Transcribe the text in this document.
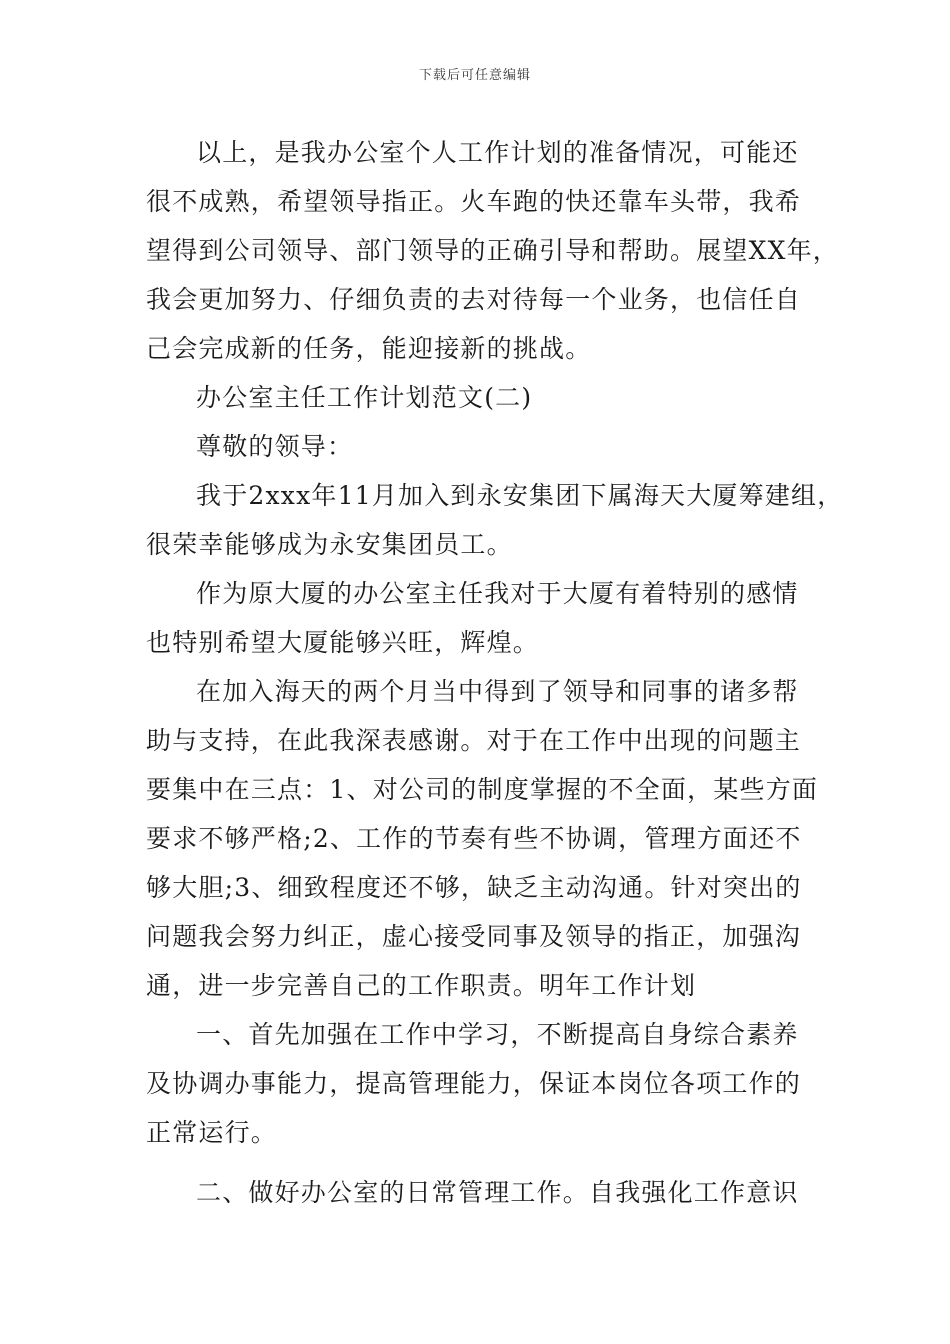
下载后可任意编辑
以上，是我办公室个人工作计划的准备情况，可能还
很不成熟，希望领导指正。火车跑的快还靠车头带，我希
望得到公司领导、部门领导的正确引导和帮助。展望XX年，
我会更加努力、仔细负责的去对待每一个业务，也信任自
己会完成新的任务，能迎接新的挑战。
办公室主任工作计划范文(二)
尊敬的领导：
我于2xxx年11月加入到永安集团下属海天大厦筹建组，
很荣幸能够成为永安集团员工。
作为原大厦的办公室主任我对于大厦有着特别的感情
也特别希望大厦能够兴旺，辉煌。
在加入海天的两个月当中得到了领导和同事的诸多帮
助与支持，在此我深表感谢。对于在工作中出现的问题主
要集中在三点：1、对公司的制度掌握的不全面，某些方面
要求不够严格;2、工作的节奏有些不协调，管理方面还不
够大胆;3、细致程度还不够，缺乏主动沟通。针对突出的
问题我会努力纠正，虚心接受同事及领导的指正，加强沟
通，进一步完善自己的工作职责。明年工作计划
一、首先加强在工作中学习，不断提高自身综合素养
及协调办事能力，提高管理能力，保证本岗位各项工作的
正常运行。
二、做好办公室的日常管理工作。自我强化工作意识
